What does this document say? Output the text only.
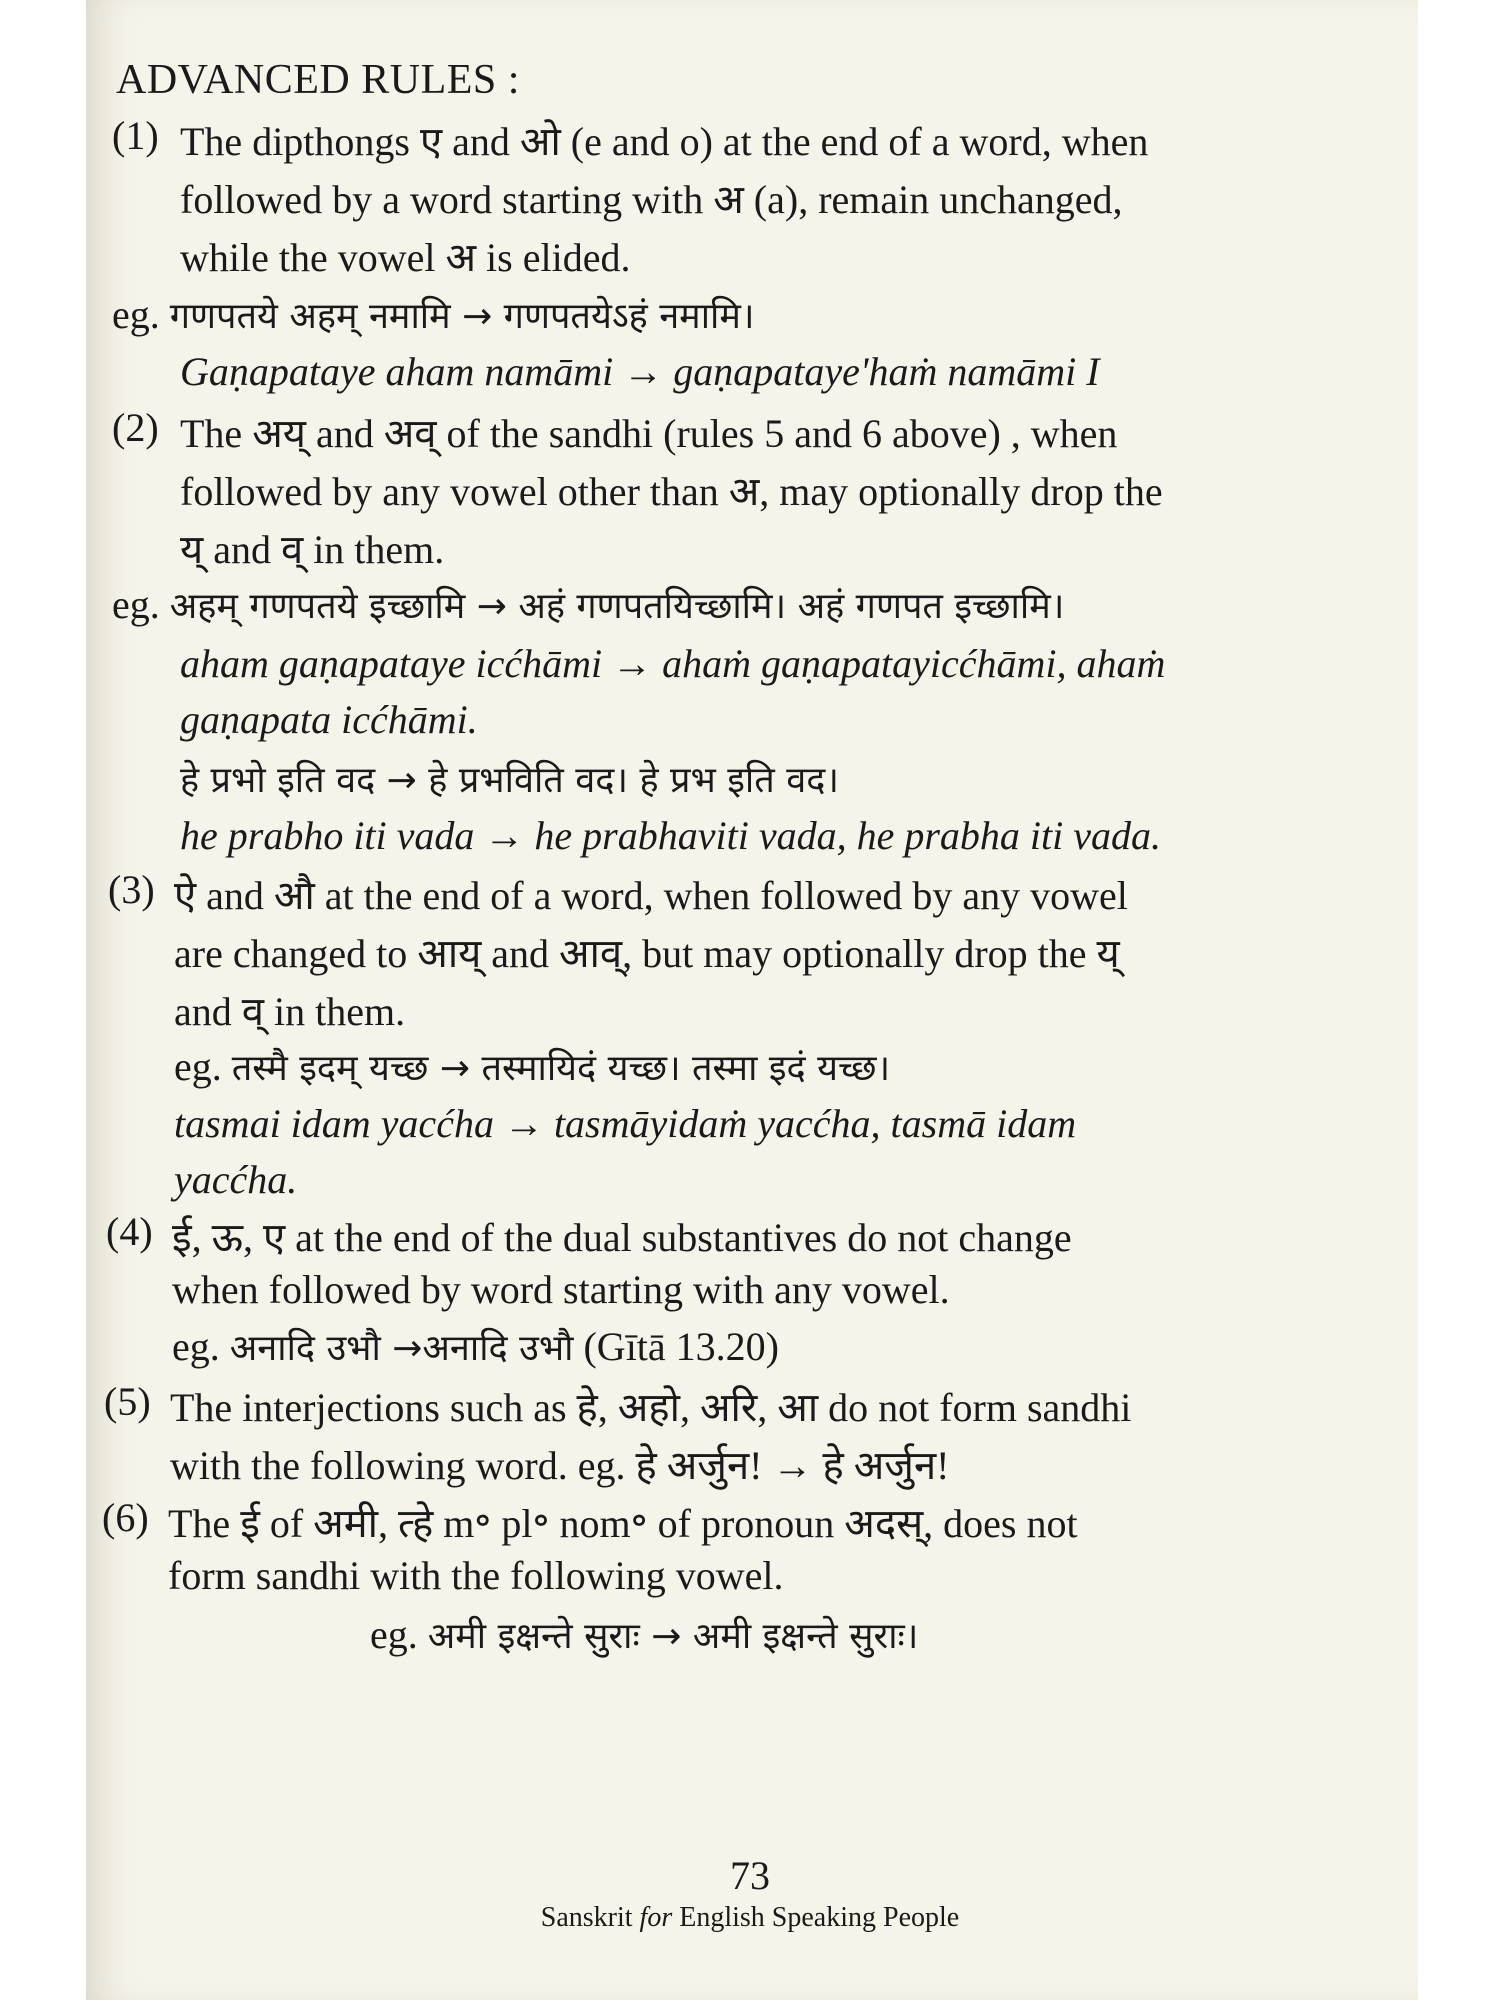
ADVANCED RULES :
(1) The dipthongs ए and ओ (e and o) at the end of a word, when
followed by a word starting with अ (a), remain unchanged,
while the vowel अ is elided.
eg. गणपतये अहम् नमामि → गणपतयेऽहं नमामि।
Gaṇapataye aham namāmi → gaṇapataye'haṁ namāmi I
(2) The अय् and अव् of the sandhi (rules 5 and 6 above) , when
followed by any vowel other than अ, may optionally drop the
य् and व् in them.
eg. अहम् गणपतये इच्छामि → अहं गणपतयिच्छामि। अहं गणपत इच्छामि।
aham gaṇapataye icćhāmi → ahaṁ gaṇapatayicćhāmi, ahaṁ
gaṇapata icćhāmi.
हे प्रभो इति वद → हे प्रभविति वद। हे प्रभ इति वद।
he prabho iti vada → he prabhaviti vada, he prabha iti vada.
(3) ऐ and औ at the end of a word, when followed by any vowel
are changed to आय् and आव्, but may optionally drop the य्
and व् in them.
eg. तस्मै इदम् यच्छ → तस्मायिदं यच्छ। तस्मा इदं यच्छ।
tasmai idam yacćha → tasmāyidaṁ yacćha, tasmā idam
yacćha.
(4) ई, ऊ, ए at the end of the dual substantives do not change
when followed by word starting with any vowel.
eg. अनादि उभौ →अनादि उभौ (Gītā 13.20)
(5) The interjections such as हे, अहो, अरि, आ do not form sandhi
with the following word. eg. हे अर्जुन! → हे अर्जुन!
(6) The ई of अमी, त्हे m॰ pl॰ nom॰ of pronoun अदस्, does not
form sandhi with the following vowel.
eg. अमी इक्षन्ते सुराः → अमी इक्षन्ते सुराः।
73
Sanskrit for English Speaking People
